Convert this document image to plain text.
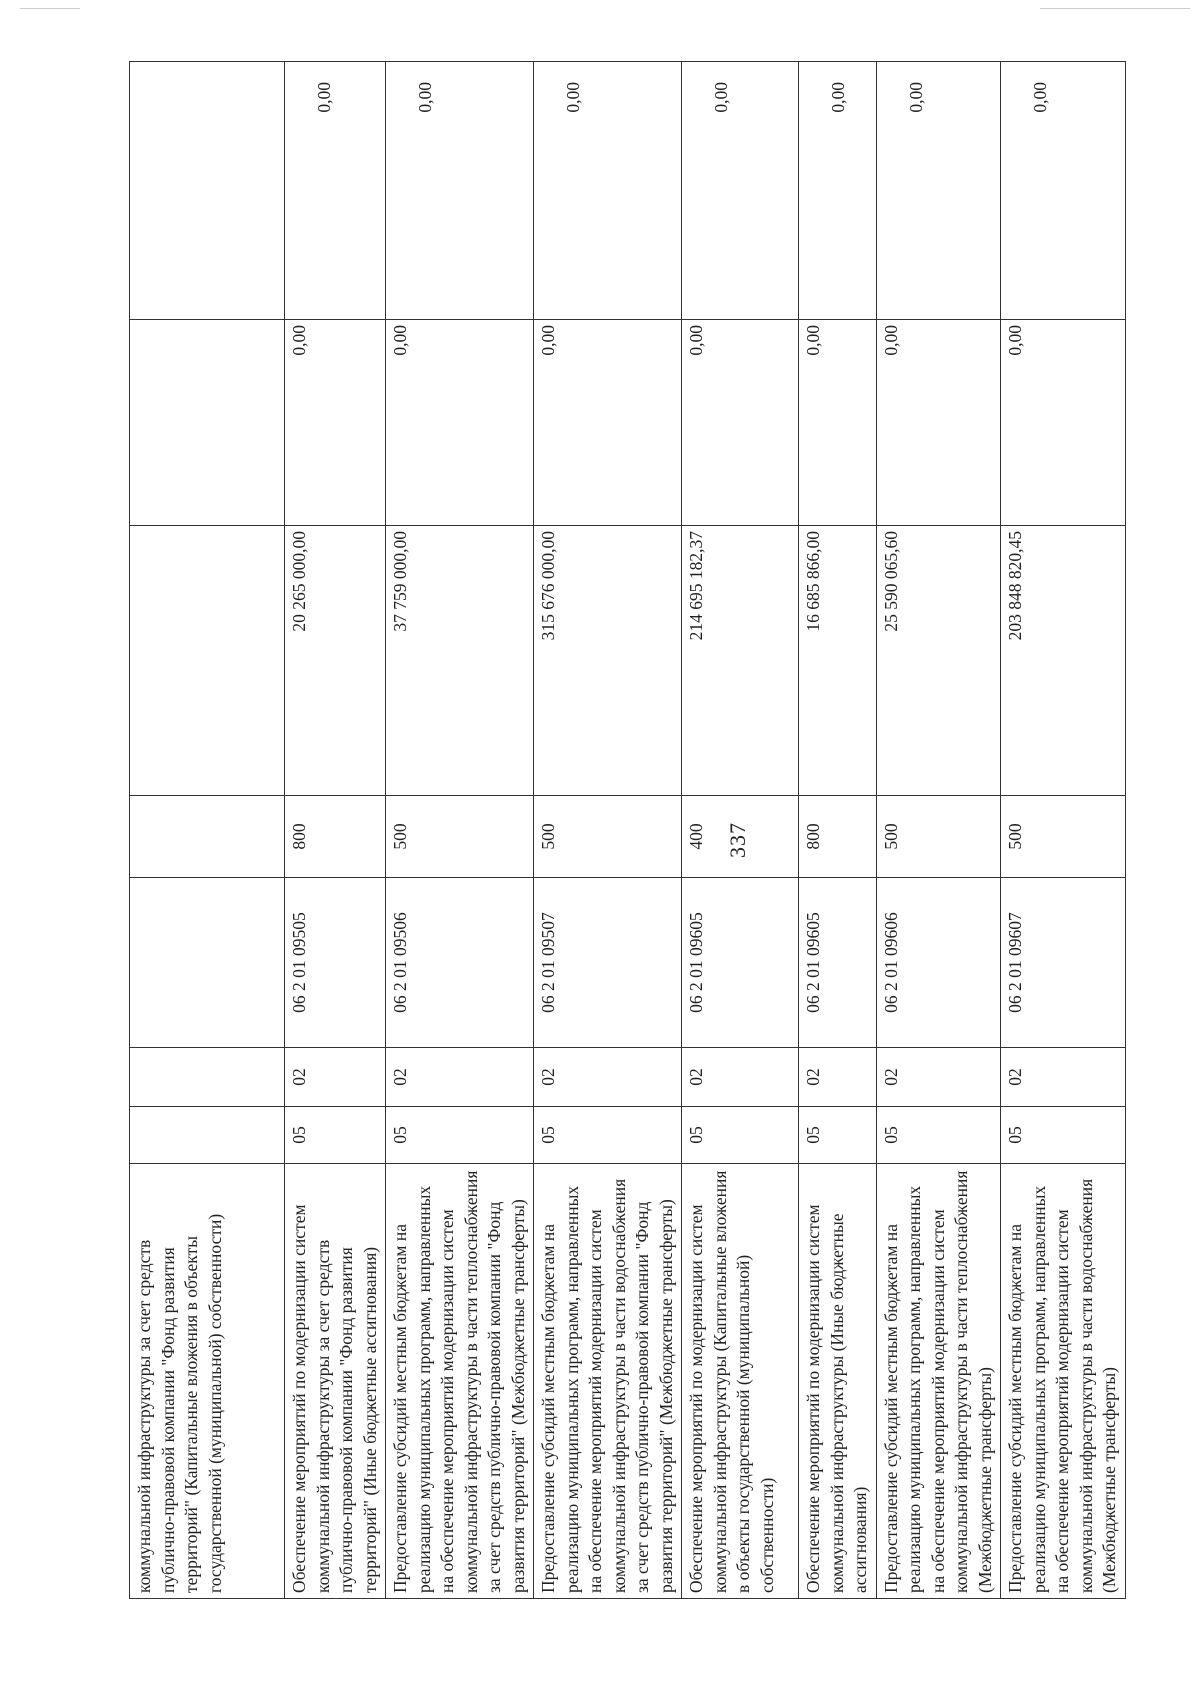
337
коммунальной инфраструктуры за счет средств публично-правовой компании "Фонд развития территорий" (Капитальные вложения в объекты государственной (муниципальной) собственности)							
Обеспечение мероприятий по модернизации систем коммунальной инфраструктуры за счет средств публично-правовой компании "Фонд развития территорий" (Иные бюджетные ассигнования)	05	02	06 2 01 09505	800	20 265 000,00	0,00	0,00
Предоставление субсидий местным бюджетам на реализацию муниципальных программ, направленных на обеспечение мероприятий модернизации систем коммунальной инфраструктуры в части теплоснабжения за счет средств публично-правовой компании "Фонд развития территорий" (Межбюджетные трансферты)	05	02	06 2 01 09506	500	37 759 000,00	0,00	0,00
Предоставление субсидий местным бюджетам на реализацию муниципальных программ, направленных на обеспечение мероприятий модернизации систем коммунальной инфраструктуры в части водоснабжения за счет средств публично-правовой компании "Фонд развития территорий" (Межбюджетные трансферты)	05	02	06 2 01 09507	500	315 676 000,00	0,00	0,00
Обеспечение мероприятий по модернизации систем коммунальной инфраструктуры (Капитальные вложения в объекты государственной (муниципальной) собственности)	05	02	06 2 01 09605	400	214 695 182,37	0,00	0,00
Обеспечение мероприятий по модернизации систем коммунальной инфраструктуры (Иные бюджетные ассигнования)	05	02	06 2 01 09605	800	16 685 866,00	0,00	0,00
Предоставление субсидий местным бюджетам на реализацию муниципальных программ, направленных на обеспечение мероприятий модернизации систем коммунальной инфраструктуры в части теплоснабжения (Межбюджетные трансферты)	05	02	06 2 01 09606	500	25 590 065,60	0,00	0,00
Предоставление субсидий местным бюджетам на реализацию муниципальных программ, направленных на обеспечение мероприятий модернизации систем коммунальной инфраструктуры в части водоснабжения (Межбюджетные трансферты)	05	02	06 2 01 09607	500	203 848 820,45	0,00	0,00
